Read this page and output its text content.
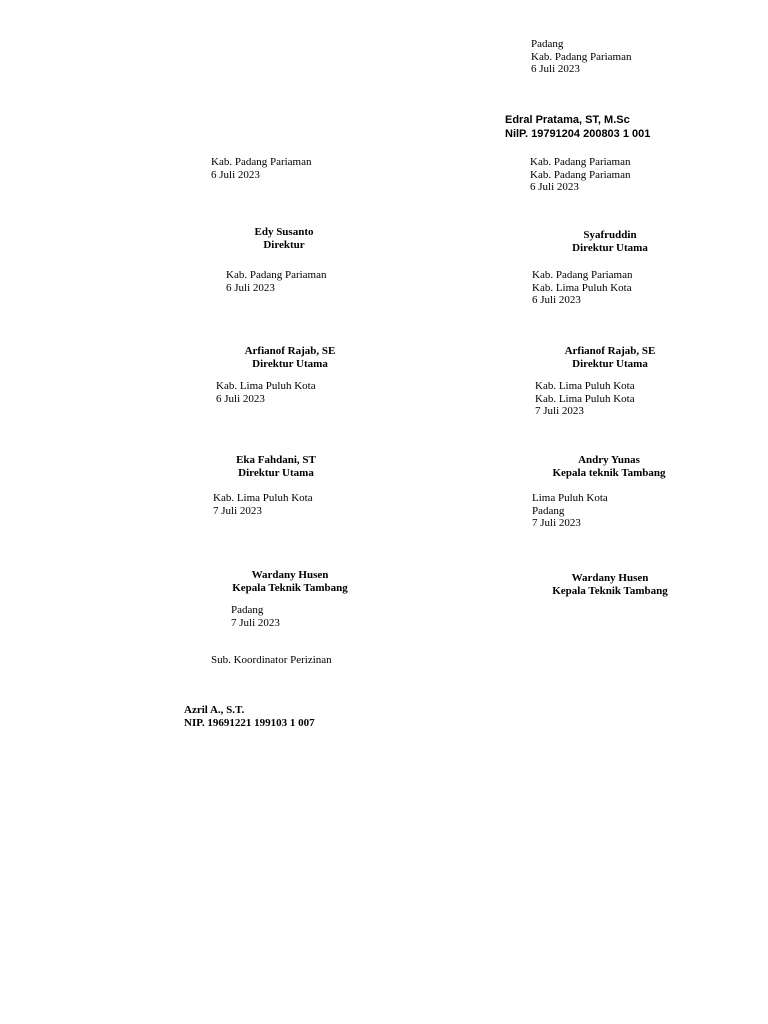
Padang
Kab. Padang Pariaman
6 Juli 2023
Edral Pratama, ST, M.Sc
NilP. 19791204 200803 1 001
Kab. Padang Pariaman
6 Juli 2023
Kab. Padang Pariaman
Kab. Padang Pariaman
6 Juli 2023
Edy Susanto
Direktur
Syafruddin
Direktur Utama
Kab. Padang Pariaman
6 Juli 2023
Kab. Padang Pariaman
Kab. Lima Puluh Kota
6 Juli 2023
Arfianof Rajab, SE
Direktur Utama
Arfianof Rajab, SE
Direktur Utama
Kab. Lima Puluh Kota
6 Juli 2023
Kab. Lima Puluh Kota
Kab. Lima Puluh Kota
7 Juli 2023
Eka Fahdani, ST
Direktur Utama
Andry Yunas
Kepala teknik Tambang
Kab. Lima Puluh Kota
7 Juli 2023
Lima Puluh Kota
Padang
7 Juli 2023
Wardany Husen
Kepala Teknik Tambang
Wardany Husen
Kepala Teknik Tambang
Padang
7 Juli 2023
Sub. Koordinator Perizinan
Azril A., S.T.
NIP. 19691221 199103 1 007
